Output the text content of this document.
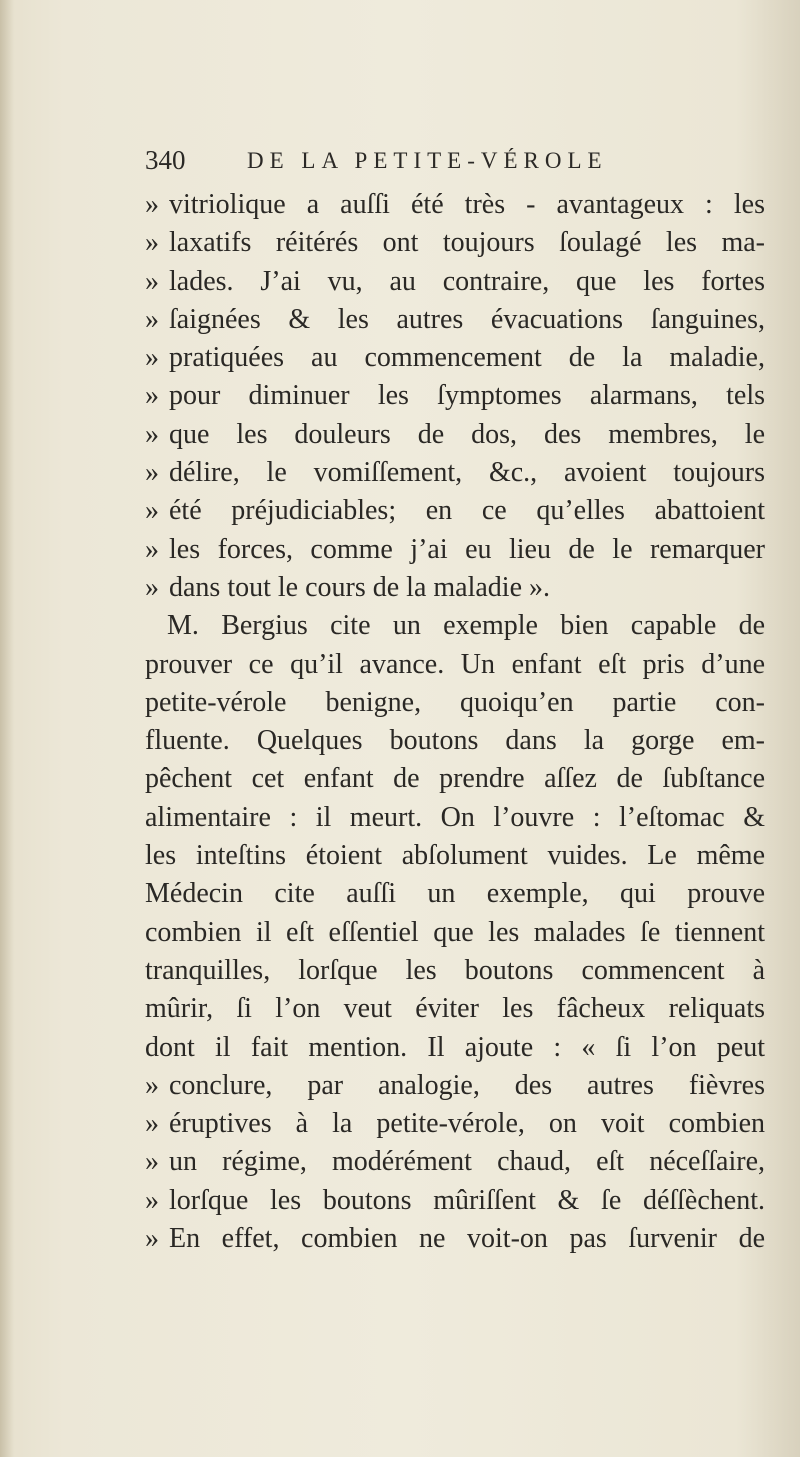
340	DE LA PETITE-VÉROLE
» vitriolique a auſſi été très - avantageux : les
» laxatifs réitérés ont toujours ſoulagé les ma-
» lades. J’ai vu, au contraire, que les fortes
» ſaignées & les autres évacuations ſanguines,
» pratiquées au commencement de la maladie,
» pour diminuer les ſymptomes alarmans, tels
» que les douleurs de dos, des membres, le
» délire, le vomiſſement, &c., avoient toujours
» été préjudiciables; en ce qu’elles abattoient
» les forces, comme j’ai eu lieu de le remarquer
» dans tout le cours de la maladie ».
M. Bergius cite un exemple bien capable de
prouver ce qu’il avance. Un enfant eſt pris d’une
petite-vérole benigne, quoiqu’en partie con-
fluente. Quelques boutons dans la gorge em-
pêchent cet enfant de prendre aſſez de ſubſtance
alimentaire : il meurt. On l’ouvre : l’eſtomac &
les inteſtins étoient abſolument vuides. Le même
Médecin cite auſſi un exemple, qui prouve
combien il eſt eſſentiel que les malades ſe tiennent
tranquilles, lorſque les boutons commencent à
mûrir, ſi l’on veut éviter les fâcheux reliquats
dont il fait mention. Il ajoute : « ſi l’on peut
» conclure, par analogie, des autres fièvres
» éruptives à la petite-vérole, on voit combien
» un régime, modérément chaud, eſt néceſſaire,
» lorſque les boutons mûriſſent & ſe déſſèchent.
» En effet, combien ne voit-on pas ſurvenir de
